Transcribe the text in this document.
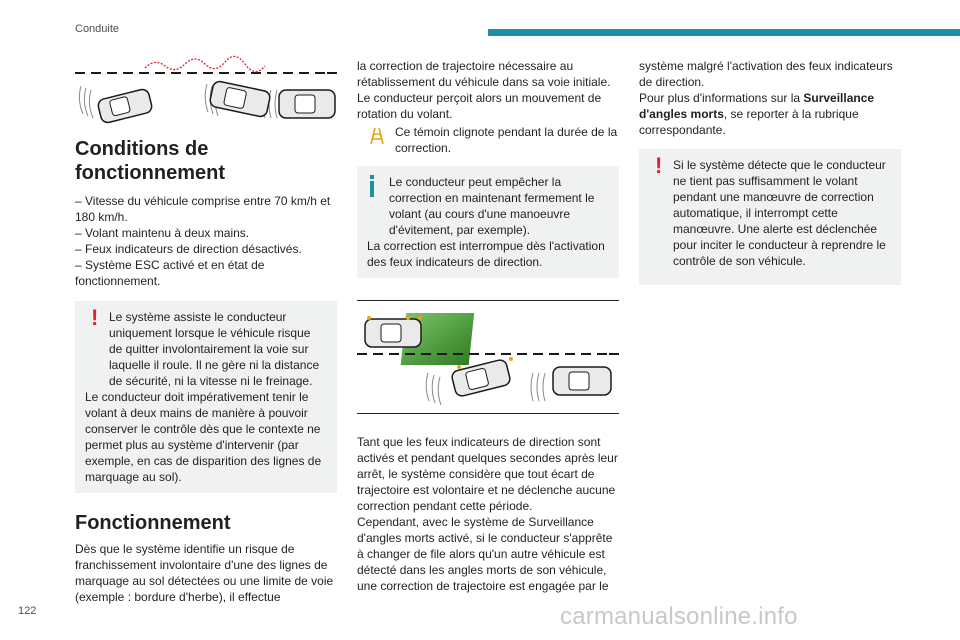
Conduite
Conditions de fonctionnement

– Vitesse du véhicule comprise entre 70 km/h et 180 km/h.

– Volant maintenu à deux mains.

– Feux indicateurs de direction désactivés.

– Système ESC activé et en état de fonctionnement.

! Le système assiste le conducteur uniquement lorsque le véhicule risque de quitter involontairement la voie sur laquelle il roule. Il ne gère ni la distance de sécurité, ni la vitesse ni le freinage.

Le conducteur doit impérativement tenir le volant à deux mains de manière à pouvoir conserver le contrôle dès que le contexte ne permet plus au système d'intervenir (par exemple, en cas de disparition des lignes de marquage au sol).

Fonctionnement

Dès que le système identifie un risque de franchissement involontaire d'une des lignes de marquage au sol détectées ou une limite de voie (exemple : bordure d'herbe), il effectue

la correction de trajectoire nécessaire au rétablissement du véhicule dans sa voie initiale.

Le conducteur perçoit alors un mouvement de rotation du volant.

Ce témoin clignote pendant la durée de la correction.

Le conducteur peut empêcher la correction en maintenant fermement le volant (au cours d'une manoeuvre d'évitement, par exemple).

La correction est interrompue dès l'activation des feux indicateurs de direction.

Tant que les feux indicateurs de direction sont activés et pendant quelques secondes après leur arrêt, le système considère que tout écart de trajectoire est volontaire et ne déclenche aucune correction pendant cette période.

Cependant, avec le système de Surveillance d'angles morts activé, si le conducteur s'apprête à changer de file alors qu'un autre véhicule est détecté dans les angles morts de son véhicule, une correction de trajectoire est engagée par le

système malgré l'activation des feux indicateurs de direction.

Pour plus d'informations sur la Surveillance d'angles morts, se reporter à la rubrique correspondante.

! Si le système détecte que le conducteur ne tient pas suffisamment le volant pendant une manœuvre de correction automatique, il interrompt cette manœuvre. Une alerte est déclenchée pour inciter le conducteur à reprendre le contrôle de son véhicule.

122	carmanualsonline.info
